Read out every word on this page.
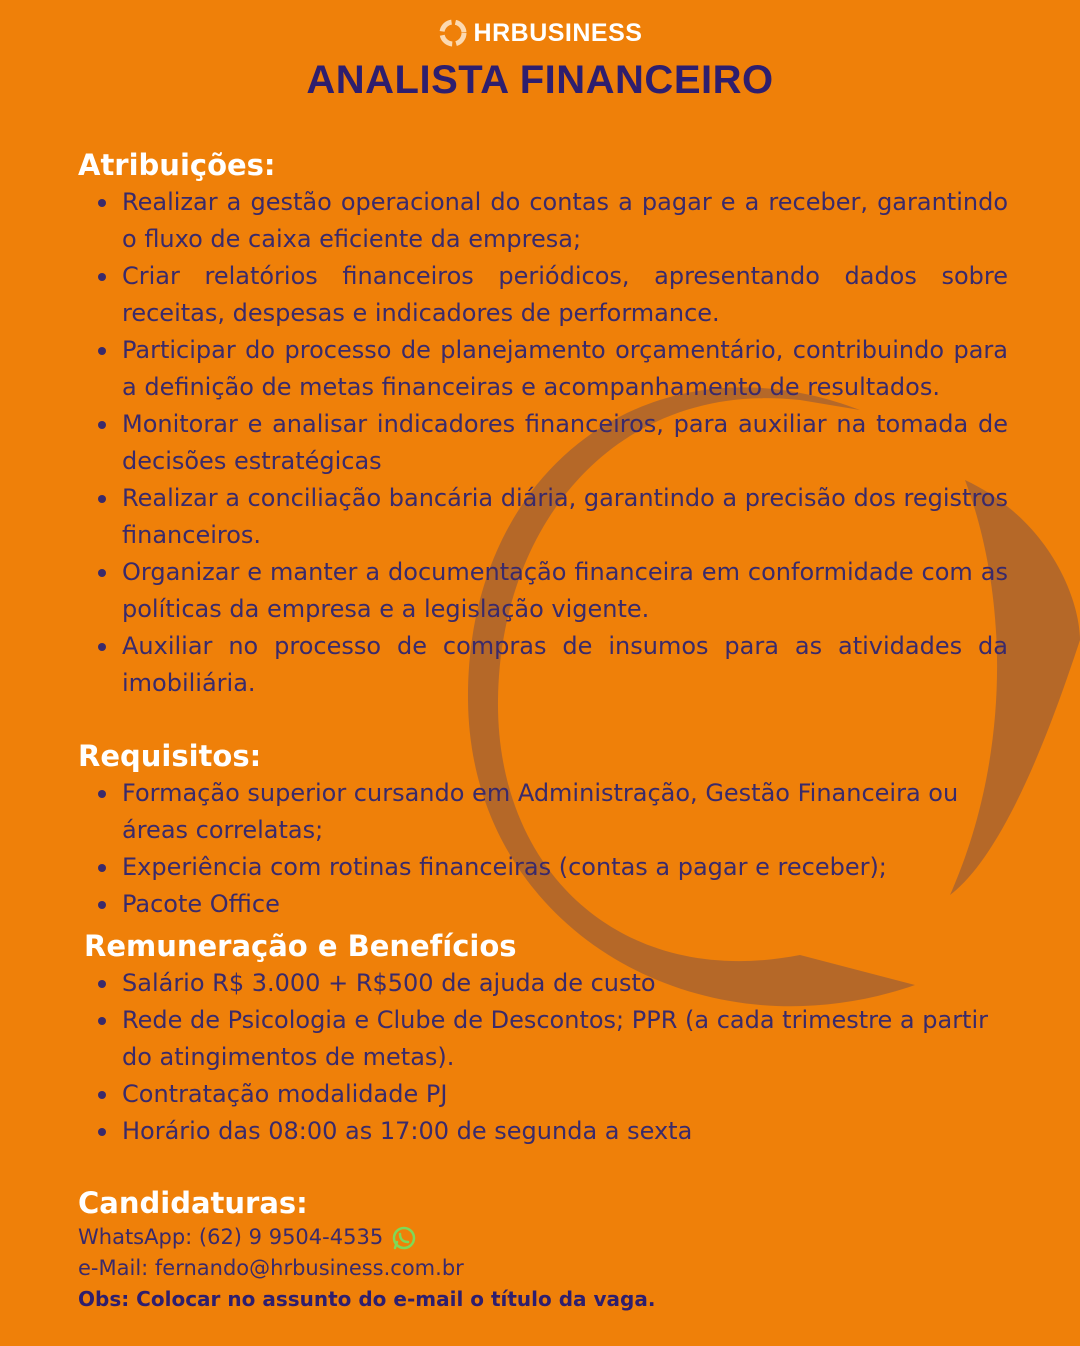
HRBUSINESS
ANALISTA FINANCEIRO
Atribuições:
Realizar a gestão operacional do contas a pagar e a receber, garantindo o fluxo de caixa eficiente da empresa;
Criar relatórios financeiros periódicos, apresentando dados sobre receitas, despesas e indicadores de performance.
Participar do processo de planejamento orçamentário, contribuindo para a definição de metas financeiras e acompanhamento de resultados.
Monitorar e analisar indicadores financeiros, para auxiliar na tomada de decisões estratégicas
Realizar a conciliação bancária diária, garantindo a precisão dos registros financeiros.
Organizar e manter a documentação financeira em conformidade com as políticas da empresa e a legislação vigente.
Auxiliar no processo de compras de insumos para as atividades da imobiliária.
Requisitos:
Formação superior cursando em Administração, Gestão Financeira ou áreas correlatas;
Experiência com rotinas financeiras (contas a pagar e receber);
Pacote Office
Remuneração e Benefícios
Salário R$ 3.000 + R$500 de ajuda de custo
Rede de Psicologia e Clube de Descontos; PPR (a cada trimestre a partir do atingimentos de metas).
Contratação modalidade PJ
Horário das 08:00 as 17:00 de segunda a sexta
Candidaturas:
WhatsApp: (62) 9 9504-4535
e-Mail: fernando@hrbusiness.com.br
Obs: Colocar no assunto do e-mail o título da vaga.
